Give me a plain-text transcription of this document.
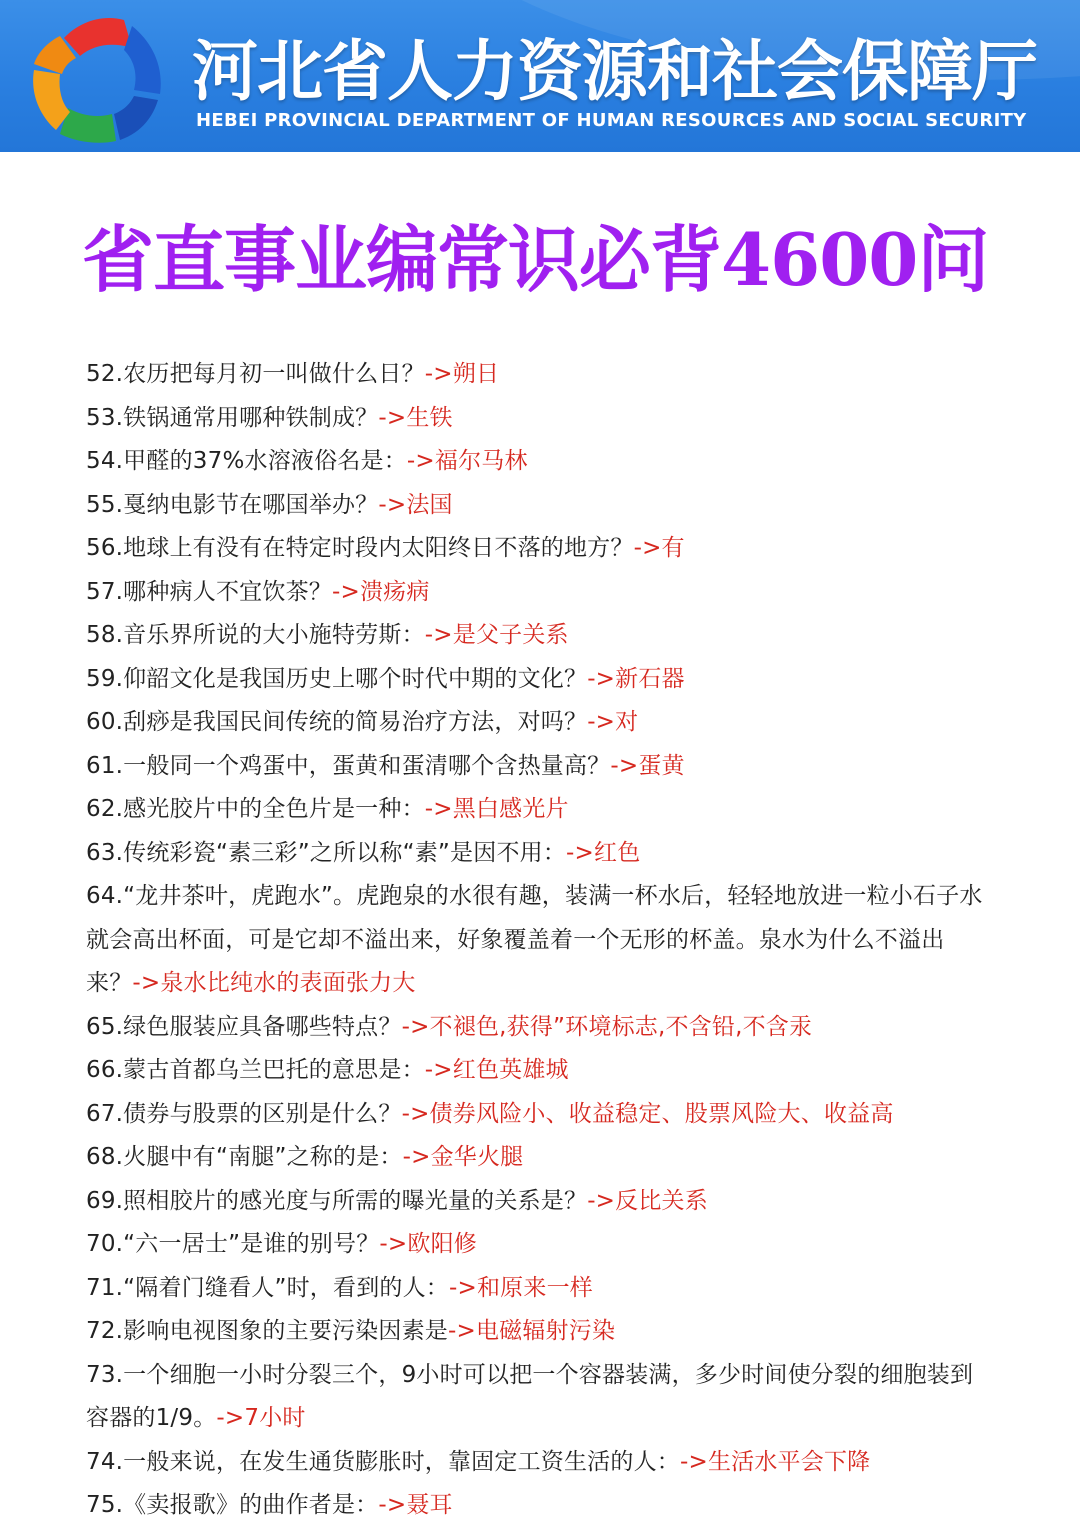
河北省人力资源和社会保障厅
HEBEI PROVINCIAL DEPARTMENT OF HUMAN RESOURCES AND SOCIAL SECURITY
省直事业编常识必背4600问
52.农历把每月初一叫做什么日？->朔日
53.铁锅通常用哪种铁制成？->生铁
54.甲醛的37%水溶液俗名是：->福尔马林
55.戛纳电影节在哪国举办？->法国
56.地球上有没有在特定时段内太阳终日不落的地方？->有
57.哪种病人不宜饮茶？->溃疡病
58.音乐界所说的大小施特劳斯：->是父子关系
59.仰韶文化是我国历史上哪个时代中期的文化？->新石器
60.刮痧是我国民间传统的简易治疗方法，对吗？->对
61.一般同一个鸡蛋中，蛋黄和蛋清哪个含热量高？->蛋黄
62.感光胶片中的全色片是一种：->黑白感光片
63.传统彩瓷“素三彩”之所以称“素”是因不用：->红色
64.“龙井茶叶，虎跑水”。虎跑泉的水很有趣，装满一杯水后，轻轻地放进一粒小石子水就会高出杯面，可是它却不溢出来，好象覆盖着一个无形的杯盖。泉水为什么不溢出来？->泉水比纯水的表面张力大
65.绿色服装应具备哪些特点？->不褪色,获得”环境标志,不含铅,不含汞
66.蒙古首都乌兰巴托的意思是：->红色英雄城
67.债券与股票的区别是什么？->债券风险小、收益稳定、股票风险大、收益高
68.火腿中有“南腿”之称的是：->金华火腿
69.照相胶片的感光度与所需的曝光量的关系是？->反比关系
70.“六一居士”是谁的别号？->欧阳修
71.“隔着门缝看人”时，看到的人：->和原来一样
72.影响电视图象的主要污染因素是->电磁辐射污染
73.一个细胞一小时分裂三个，9小时可以把一个容器装满，多少时间使分裂的细胞装到容器的1/9。->7小时
74.一般来说，在发生通货膨胀时，靠固定工资生活的人：->生活水平会下降
75.《卖报歌》的曲作者是：->聂耳
